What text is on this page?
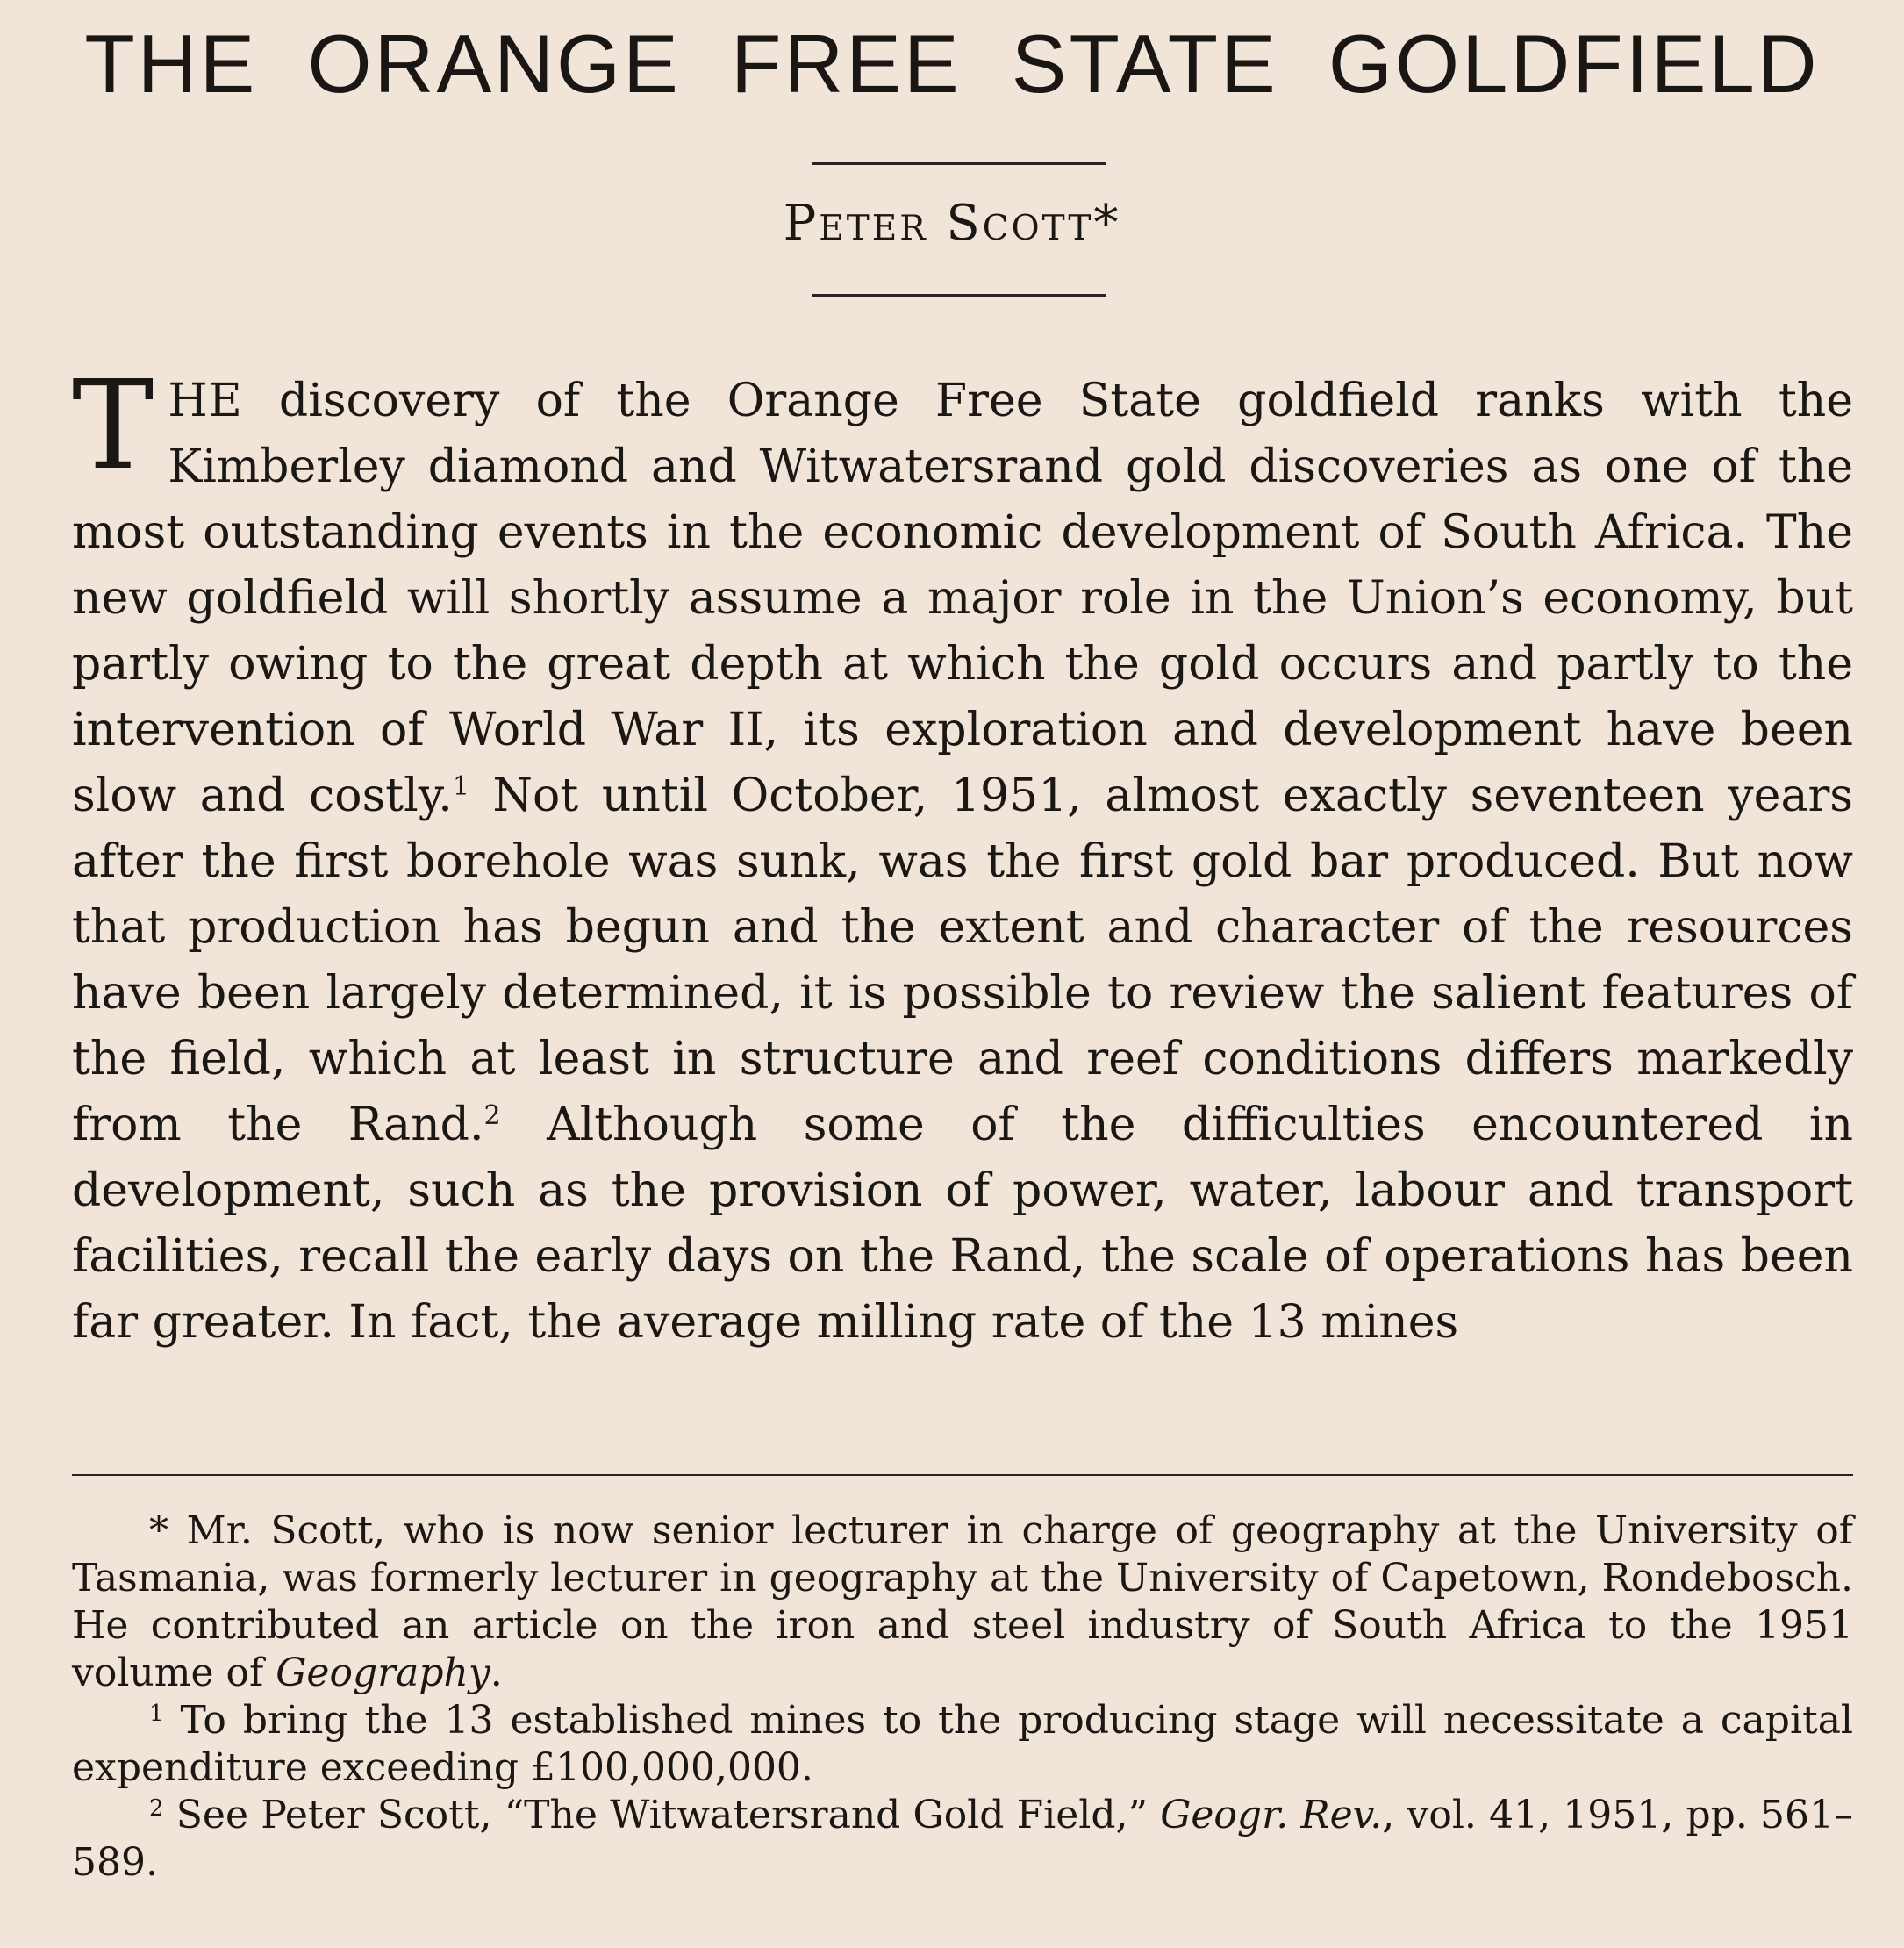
THE ORANGE FREE STATE GOLDFIELD
Peter Scott*

THE discovery of the Orange Free State goldfield ranks with the Kimberley diamond and Witwatersrand gold discoveries as one of the most outstanding events in the economic development of South Africa. The new goldfield will shortly assume a major role in the Union’s economy, but partly owing to the great depth at which the gold occurs and partly to the intervention of World War II, its exploration and development have been slow and costly.$^1$ Not until October, 1951, almost exactly seventeen years after the first borehole was sunk, was the first gold bar produced. But now that production has begun and the extent and character of the resources have been largely determined, it is possible to review the salient features of the field, which at least in structure and reef conditions differs markedly from the Rand.$^2$ Although some of the difficulties encountered in development, such as the provision of power, water, labour and transport facilities, recall the early days on the Rand, the scale of operations has been far greater. In fact, the average milling rate of the 13 mines

* Mr. Scott, who is now senior lecturer in charge of geography at the University of Tasmania, was formerly lecturer in geography at the University of Capetown, Rondebosch. He contributed an article on the iron and steel industry of South Africa to the 1951 volume of Geography.

$^1$ To bring the 13 established mines to the producing stage will necessitate a capital expenditure exceeding £100,000,000.

$^2$ See Peter Scott, “The Witwatersrand Gold Field,” Geogr. Rev., vol. 41, 1951, pp. 561–589.
